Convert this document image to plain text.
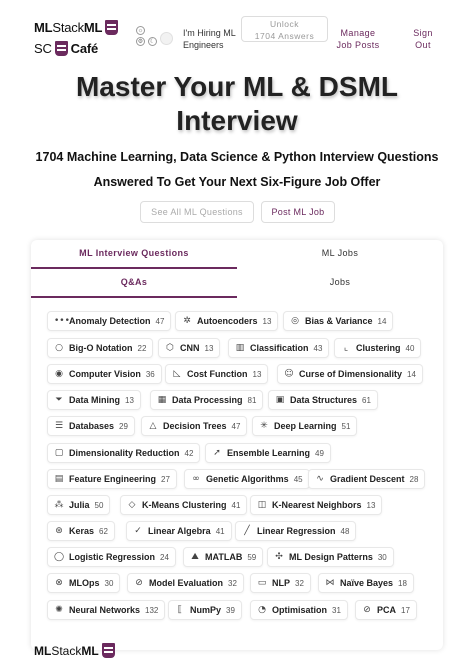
MLStackML
SC Café
☼
⚙	☾
I'm Hiring ML
Engineers
Unlock
1704 Answers	Manage
Job Posts
Sign
Out
Master Your ML & DSML
Interview
1704 Machine Learning, Data Science & Python Interview Questions
Answered To Get Your Next Six-Figure Job Offer
See All ML Questions	Post ML Job
ML Interview Questions	ML Jobs
Q&As	Jobs
••• Anomaly Detection 47 ✲ Autoencoders 13 ◎ Bias & Variance 14
○ Big-O Notation 22 ⬡ CNN 13 ▥ Classification 43	⌞ Clustering 40
◉ Computer Vision 36 ◺ Cost Function 13	☺ Curse of Dimensionality 14
⏷ Data Mining 13	▦ Data Processing 81 ▣ Data Structures 61
☰ Databases 29 △ Decision Trees 47 ✳ Deep Learning 51
▢ Dimensionality Reduction 42 ➚ Ensemble Learning 49
▤ Feature Engineering 27 ∞ Genetic Algorithms 45 ∿ Gradient Descent 28
⁂ Julia 50	◇ K-Means Clustering 41 ◫ K-Nearest Neighbors 13
⊛ Keras 62	✓ Linear Algebra 41 ╱ Linear Regression 48
◯ Logistic Regression 24 ⛰ MATLAB 59 ✣ ML Design Patterns 30
⊗ MLOps 30 ⊘ Model Evaluation 32 ▭ NLP 32 ⋈ Naïve Bayes 18
✺ Neural Networks 132	⟦ NumPy 39	◔ Optimisation 31 ⊘ PCA 17
MLStackML
